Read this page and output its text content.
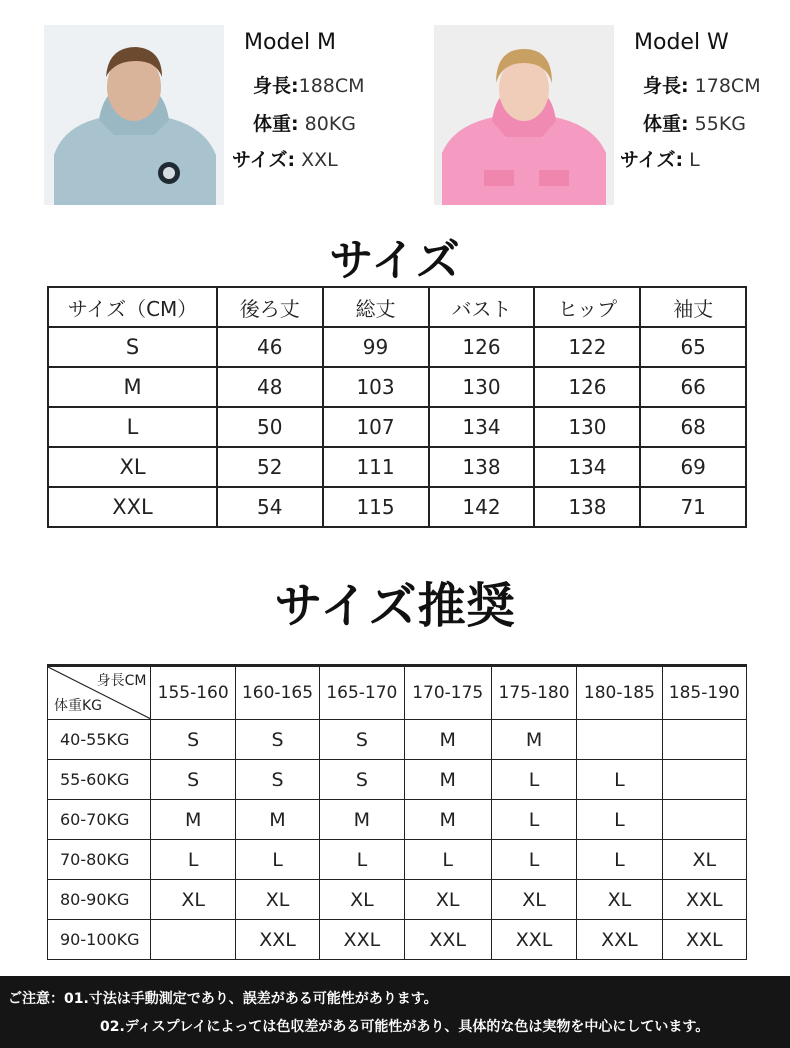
Model M
身長:188CM
体重: 80KG
サイズ: XXL
Model W
身長: 178CM
体重: 55KG
サイズ: L
サイズ
サイズ（CM）	後ろ丈	総丈	バスト	ヒップ	袖丈
S	46	99	126	122	65
M	48	103	130	126	66
L	50	107	134	130	68
XL	52	111	138	134	69
XXL	54	115	142	138	71
サイズ推奨
身長CM
体重KG	155-160	160-165	165-170	170-175	175-180	180-185	185-190
40-55KG	S	S	S	M	M		
55-60KG	S	S	S	M	L	L	
60-70KG	M	M	M	M	L	L	
70-80KG	L	L	L	L	L	L	XL
80-90KG	XL	XL	XL	XL	XL	XL	XXL
90-100KG		XXL	XXL	XXL	XXL	XXL	XXL
ご注意：01.寸法は手動測定であり、誤差がある可能性があります。
02.ディスプレイによっては色収差がある可能性があり、具体的な色は実物を中心にしています。
